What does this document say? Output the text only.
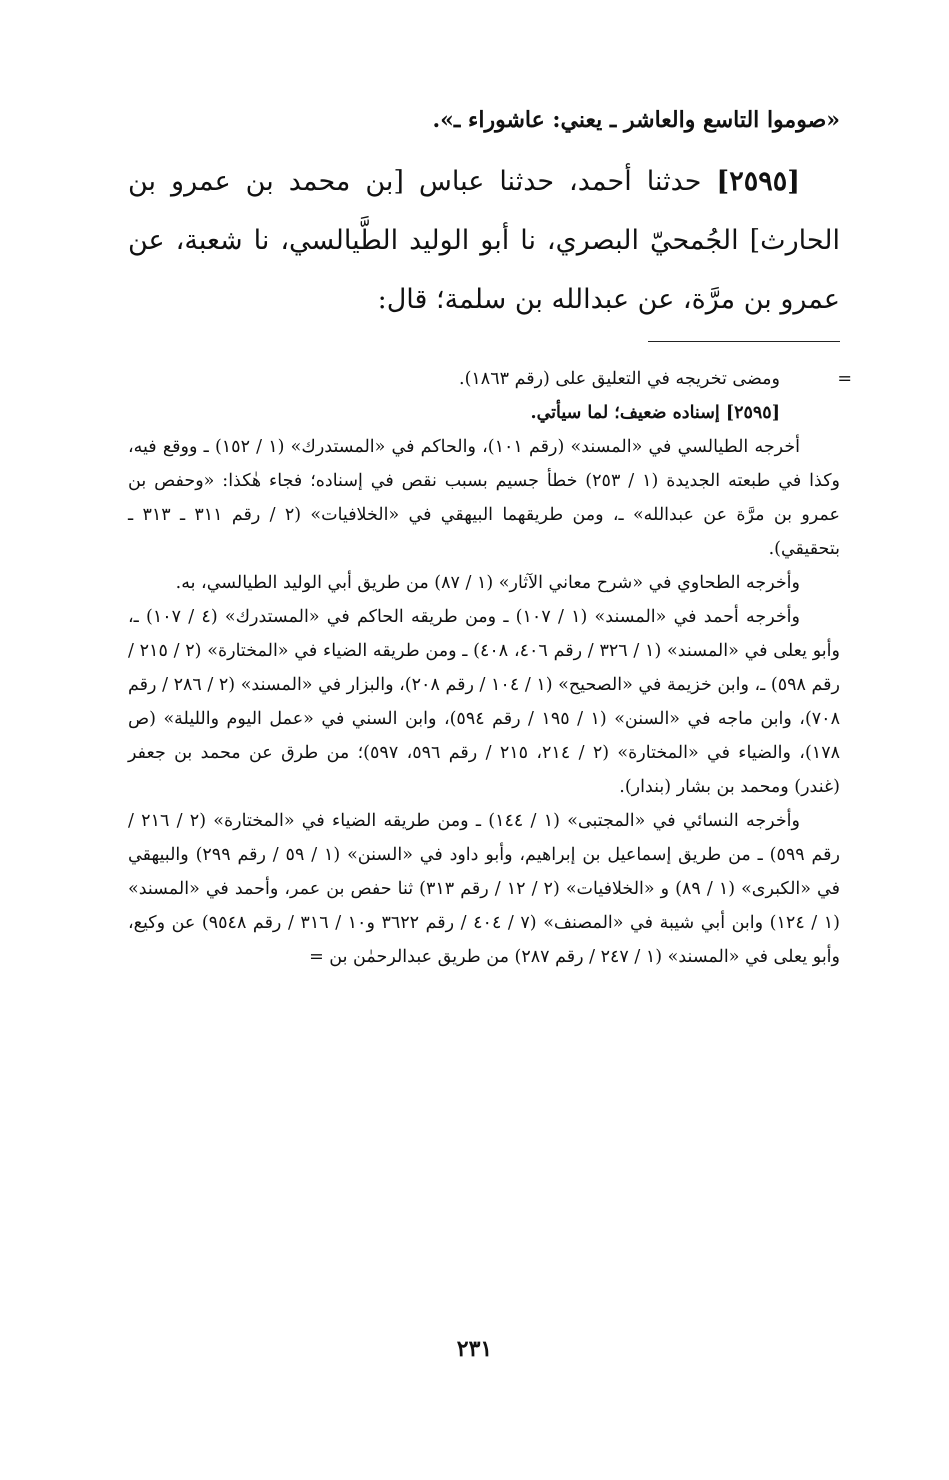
«صوموا التاسع والعاشر ـ يعني: عاشوراء ـ».

[٢٥٩٥] حدثنا أحمد، حدثنا عباس [بن محمد بن عمرو بن الحارث] الجُمحيّ البصري، نا أبو الوليد الطَّيالسي، نا شعبة، عن عمرو بن مرَّة، عن عبدالله بن سلمة؛ قال:

=
ومضى تخريجه في التعليق على (رقم ١٨٦٣).

[٢٥٩٥] إسناده ضعيف؛ لما سيأتي.

أخرجه الطيالسي في «المسند» (رقم ١٠١)، والحاكم في «المستدرك» (١ / ١٥٢) ـ ووقع فيه، وكذا في طبعته الجديدة (١ / ٢٥٣) خطأ جسيم بسبب نقص في إسناده؛ فجاء هٰكذا: «وحفص بن عمرو بن مرَّة عن عبدالله» ـ، ومن طريقهما البيهقي في «الخلافيات» (٢ / رقم ٣١١ ـ ٣١٣ ـ بتحقيقي).

وأخرجه الطحاوي في «شرح معاني الآثار» (١ / ٨٧) من طريق أبي الوليد الطيالسي، به.

وأخرجه أحمد في «المسند» (١ / ١٠٧) ـ ومن طريقه الحاكم في «المستدرك» (٤ / ١٠٧) ـ، وأبو يعلى في «المسند» (١ / ٣٢٦ / رقم ٤٠٦، ٤٠٨) ـ ومن طريقه الضياء في «المختارة» (٢ / ٢١٥ / رقم ٥٩٨) ـ، وابن خزيمة في «الصحيح» (١ / ١٠٤ / رقم ٢٠٨)، والبزار في «المسند» (٢ / ٢٨٦ / رقم ٧٠٨)، وابن ماجه في «السنن» (١ / ١٩٥ / رقم ٥٩٤)، وابن السني في «عمل اليوم والليلة» (ص ١٧٨)، والضياء في «المختارة» (٢ / ٢١٤، ٢١٥ / رقم ٥٩٦، ٥٩٧)؛ من طرق عن محمد بن جعفر (غندر) ومحمد بن بشار (بندار).

وأخرجه النسائي في «المجتبى» (١ / ١٤٤) ـ ومن طريقه الضياء في «المختارة» (٢ / ٢١٦ / رقم ٥٩٩) ـ من طريق إسماعيل بن إبراهيم، وأبو داود في «السنن» (١ / ٥٩ / رقم ٢٩٩) والبيهقي في «الكبرى» (١ / ٨٩) و «الخلافيات» (٢ / ١٢ / رقم ٣١٣) ثنا حفص بن عمر، وأحمد في «المسند» (١ / ١٢٤) وابن أبي شيبة في «المصنف» (٧ / ٤٠٤ / رقم ٣٦٢٢ و١٠ / ٣١٦ / رقم ٩٥٤٨) عن وكيع، وأبو يعلى في «المسند» (١ / ٢٤٧ / رقم ٢٨٧) من طريق عبدالرحمٰن بن =

٢٣١
